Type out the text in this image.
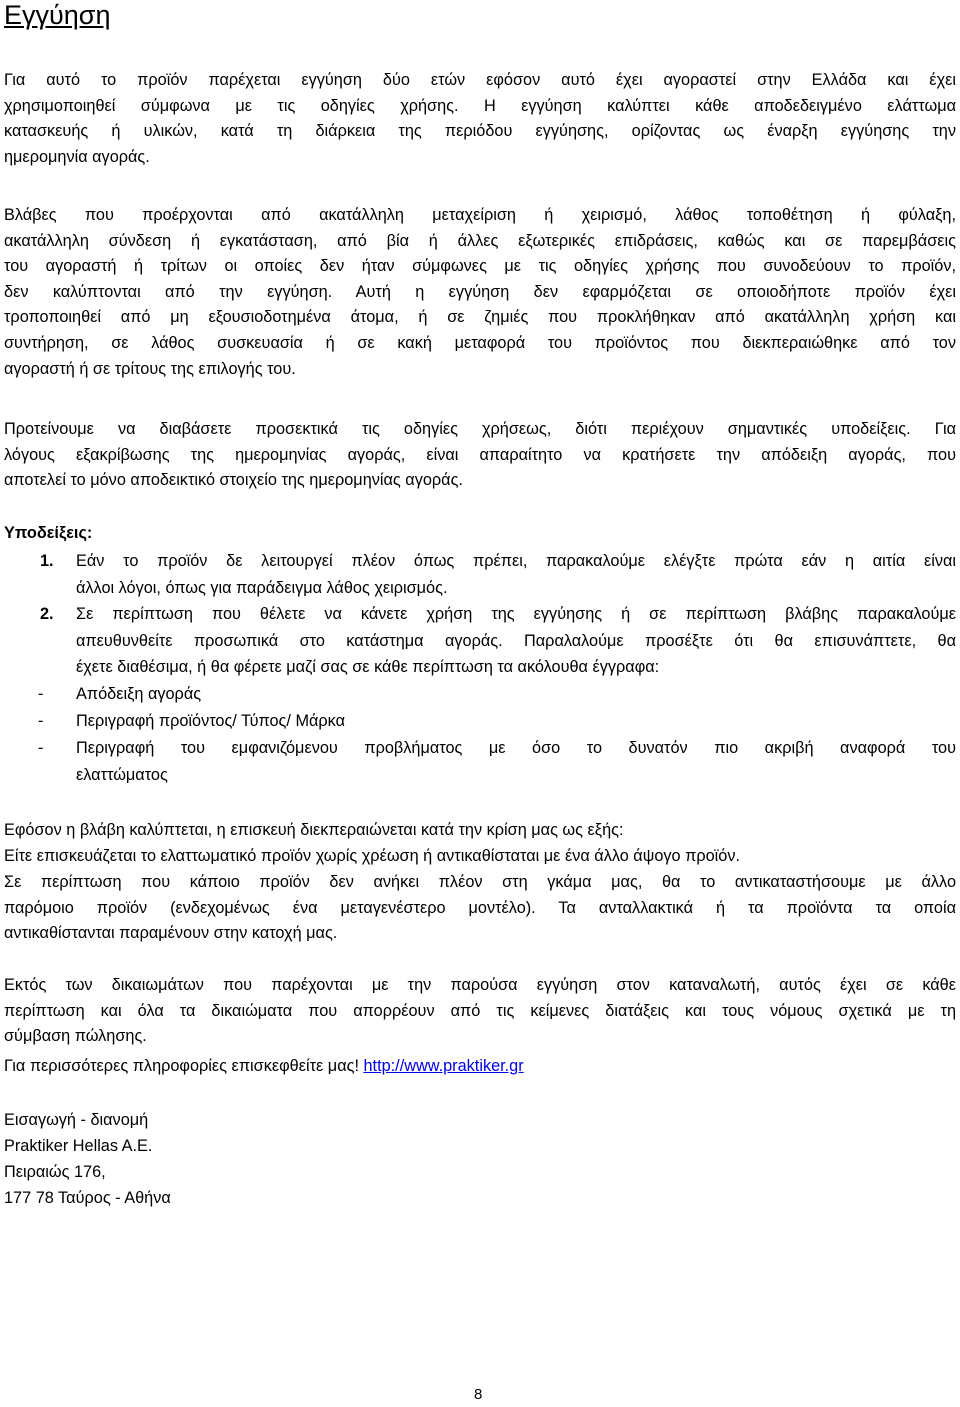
Εγγύηση
Για αυτό το προϊόν παρέχεται εγγύηση δύο ετών εφόσον αυτό έχει αγοραστεί στην Ελλάδα και έχει
χρησιμοποιηθεί σύμφωνα με τις οδηγίες χρήσης. Η εγγύηση καλύπτει κάθε αποδεδειγμένο ελάττωμα
κατασκευής ή υλικών, κατά τη διάρκεια της περιόδου εγγύησης, ορίζοντας ως έναρξη εγγύησης την
ημερομηνία αγοράς.
Βλάβες που προέρχονται από ακατάλληλη μεταχείριση ή χειρισμό, λάθος τοποθέτηση ή φύλαξη,
ακατάλληλη σύνδεση ή εγκατάσταση, από βία ή άλλες εξωτερικές επιδράσεις, καθώς και σε παρεμβάσεις
του αγοραστή ή τρίτων οι οποίες δεν ήταν σύμφωνες με τις οδηγίες χρήσης που συνοδεύουν το προϊόν,
δεν καλύπτονται από την εγγύηση. Αυτή η εγγύηση δεν εφαρμόζεται σε οποιοδήποτε προϊόν έχει
τροποποιηθεί από μη εξουσιοδοτημένα άτομα, ή σε ζημιές που προκλήθηκαν από ακατάλληλη χρήση και
συντήρηση, σε λάθος συσκευασία ή σε κακή μεταφορά του προϊόντος που διεκπεραιώθηκε από τον
αγοραστή ή σε τρίτους της επιλογής του.
Προτείνουμε να διαβάσετε προσεκτικά τις οδηγίες χρήσεως, διότι περιέχουν σημαντικές υποδείξεις. Για
λόγους εξακρίβωσης της ημερομηνίας αγοράς, είναι απαραίτητο να κρατήσετε την απόδειξη αγοράς, που
αποτελεί το μόνο αποδεικτικό στοιχείο της ημερομηνίας αγοράς.
Υποδείξεις:
1. Εάν το προϊόν δε λειτουργεί πλέον όπως πρέπει, παρακαλούμε ελέγξτε πρώτα εάν η αιτία είναι
άλλοι λόγοι, όπως για παράδειγμα λάθος χειρισμός.
2. Σε περίπτωση που θέλετε να κάνετε χρήση της εγγύησης ή σε περίπτωση βλάβης παρακαλούμε
απευθυνθείτε προσωπικά στο κατάστημα αγοράς. Παραλαλούμε προσέξτε ότι θα επισυνάπτετε, θα
έχετε διαθέσιμα, ή θα φέρετε μαζί σας σε κάθε περίπτωση τα ακόλουθα έγγραφα:
- Απόδειξη αγοράς
- Περιγραφή προϊόντος/ Τύπος/ Μάρκα
- Περιγραφή του εμφανιζόμενου προβλήματος με όσο το δυνατόν πιο ακριβή αναφορά του
ελαττώματος
Εφόσον η βλάβη καλύπτεται, η επισκευή διεκπεραιώνεται κατά την κρίση μας ως εξής:
Είτε επισκευάζεται το ελαττωματικό προϊόν χωρίς χρέωση ή αντικαθίσταται με ένα άλλο άψογο προϊόν.
Σε περίπτωση που κάποιο προϊόν δεν ανήκει πλέον στη γκάμα μας, θα το αντικαταστήσουμε με άλλο
παρόμοιο προϊόν (ενδεχομένως ένα μεταγενέστερο μοντέλο). Τα ανταλλακτικά ή τα προϊόντα τα οποία
αντικαθίστανται παραμένουν στην κατοχή μας.
Εκτός των δικαιωμάτων που παρέχονται με την παρούσα εγγύηση στον καταναλωτή, αυτός έχει σε κάθε
περίπτωση και όλα τα δικαιώματα που απορρέουν από τις κείμενες διατάξεις και τους νόμους σχετικά με τη
σύμβαση πώλησης.
Για περισσότερες πληροφορίες επισκεφθείτε μας! http://www.praktiker.gr
Εισαγωγή - διανομή
Praktiker Hellas A.E.
Πειραιώς 176,
177 78 Ταύρος - Αθήνα
8
